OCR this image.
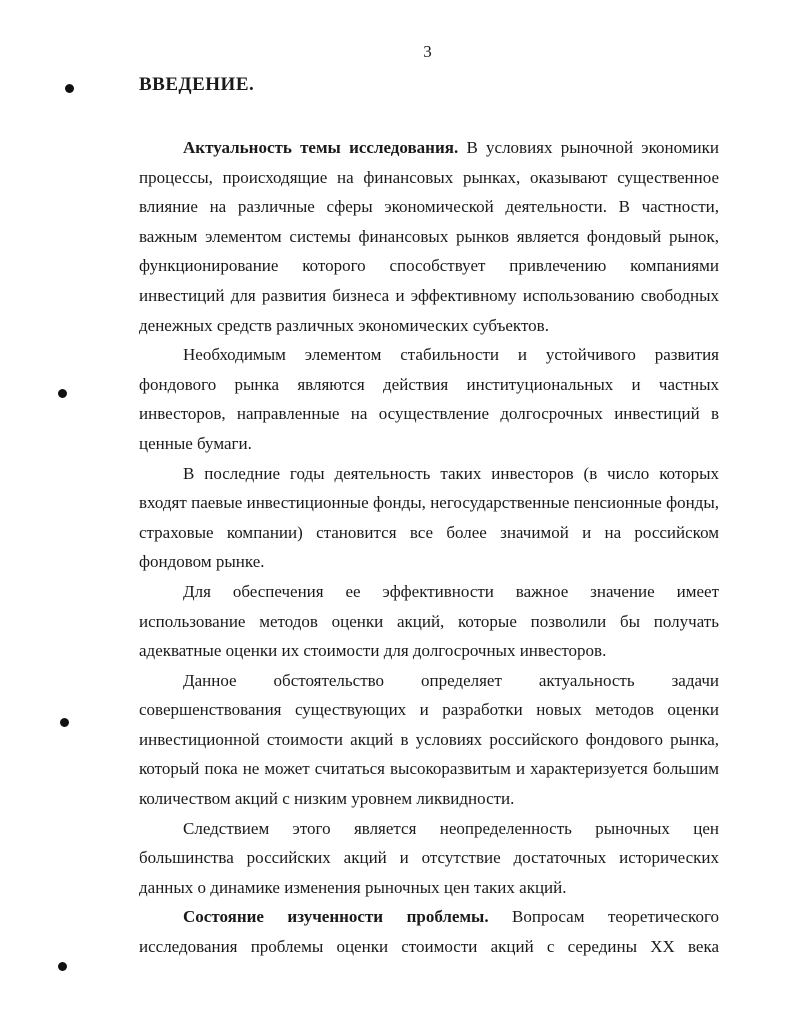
3
ВВЕДЕНИЕ.

Актуальность темы исследования. В условиях рыночной экономики процессы, происходящие на финансовых рынках, оказывают существенное влияние на различные сферы экономической деятельности. В частности, важным элементом системы финансовых рынков является фондовый рынок, функционирование которого способствует привлечению компаниями инвестиций для развития бизнеса и эффективному использованию свободных денежных средств различных экономических субъектов.

Необходимым элементом стабильности и устойчивого развития фондового рынка являются действия институциональных и частных инвесторов, направленные на осуществление долгосрочных инвестиций в ценные бумаги.

В последние годы деятельность таких инвесторов (в число которых входят паевые инвестиционные фонды, негосударственные пенсионные фонды, страховые компании) становится все более значимой и на российском фондовом рынке.

Для обеспечения ее эффективности важное значение имеет использование методов оценки акций, которые позволили бы получать адекватные оценки их стоимости для долгосрочных инвесторов.

Данное обстоятельство определяет актуальность задачи совершенствования существующих и разработки новых методов оценки инвестиционной стоимости акций в условиях российского фондового рынка, который пока не может считаться высокоразвитым и характеризуется большим количеством акций с низким уровнем ликвидности.

Следствием этого является неопределенность рыночных цен большинства российских акций и отсутствие достаточных исторических данных о динамике изменения рыночных цен таких акций.

Состояние изученности проблемы. Вопросам теоретического исследования проблемы оценки стоимости акций с середины XX века
